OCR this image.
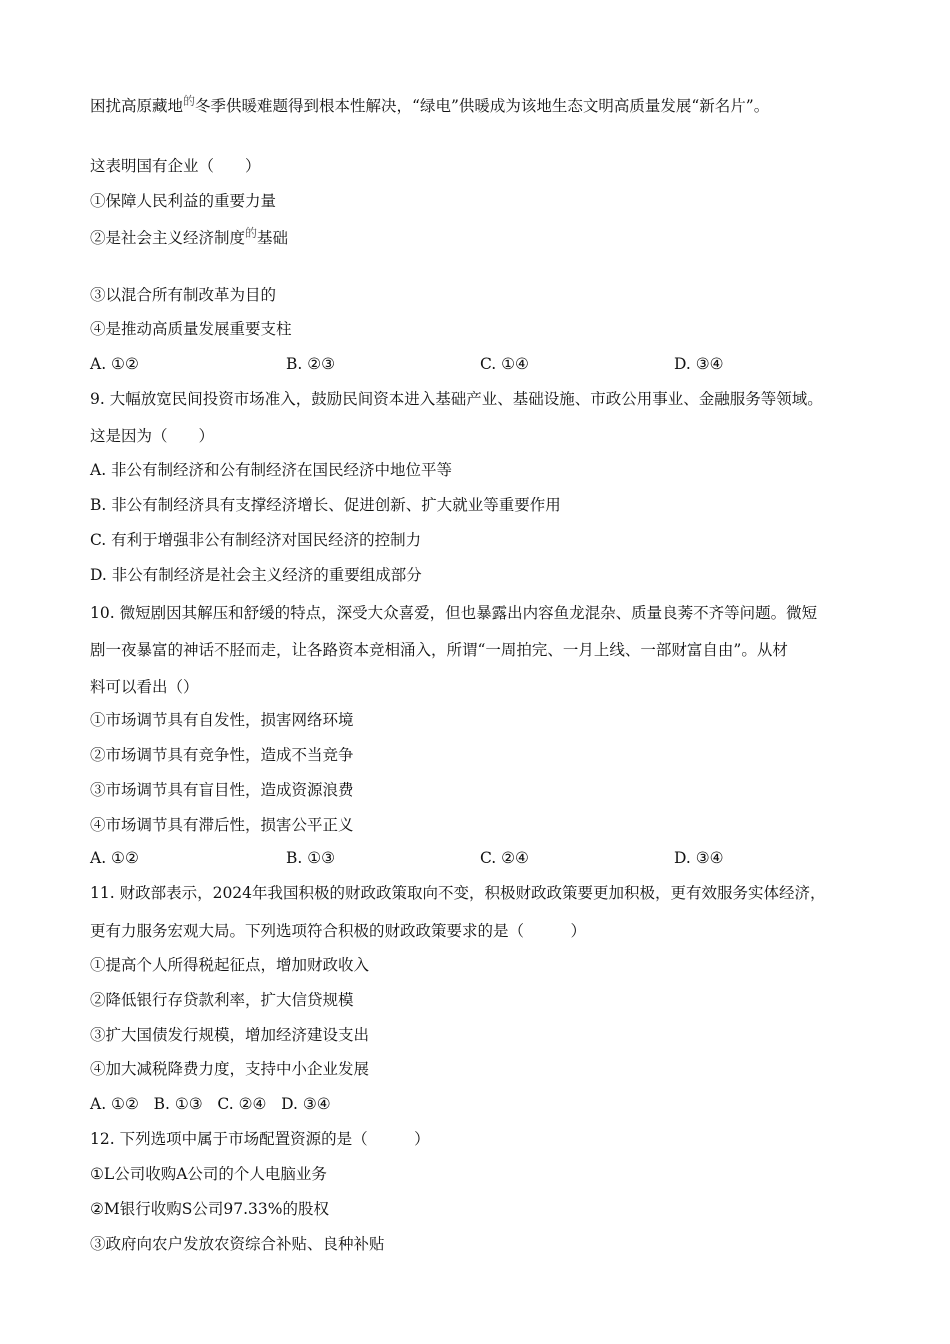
困扰高原藏地$^的$冬季供暖难题得到根本性解决，“绿电”供暖成为该地生态文明高质量发展“新名片”。
这表明国有企业（　　）
①保障人民利益的重要力量
②是社会主义经济制度$^的$基础
③以混合所有制改革为目的
④是推动高质量发展重要支柱
A. ①②	B. ②③	C. ①④	D. ③④
9. 大幅放宽民间投资市场准入，鼓励民间资本进入基础产业、基础设施、市政公用事业、金融服务等领域。
这是因为（　　）
A. 非公有制经济和公有制经济在国民经济中地位平等
B. 非公有制经济具有支撑经济增长、促进创新、扩大就业等重要作用
C. 有利于增强非公有制经济对国民经济的控制力
D. 非公有制经济是社会主义经济的重要组成部分
10. 微短剧因其解压和舒缓的特点，深受大众喜爱，但也暴露出内容鱼龙混杂、质量良莠不齐等问题。微短
剧一夜暴富的神话不胫而走，让各路资本竞相涌入，所谓“一周拍完、一月上线、一部财富自由”。从材
料可以看出（）
①市场调节具有自发性，损害网络环境
②市场调节具有竞争性，造成不当竞争
③市场调节具有盲目性，造成资源浪费
④市场调节具有滞后性，损害公平正义
A. ①②	B. ①③	C. ②④	D. ③④
11. 财政部表示，2024年我国积极的财政政策取向不变，积极财政政策要更加积极，更有效服务实体经济，
更有力服务宏观大局。下列选项符合积极的财政政策要求的是（　　　）
①提高个人所得税起征点，增加财政收入
②降低银行存贷款利率，扩大信贷规模
③扩大国债发行规模，增加经济建设支出
④加大减税降费力度，支持中小企业发展
A. ①②   B. ①③   C. ②④   D. ③④
12. 下列选项中属于市场配置资源的是（　　　）
①L公司收购A公司的个人电脑业务
②M银行收购S公司97.33%的股权
③政府向农户发放农资综合补贴、良种补贴
